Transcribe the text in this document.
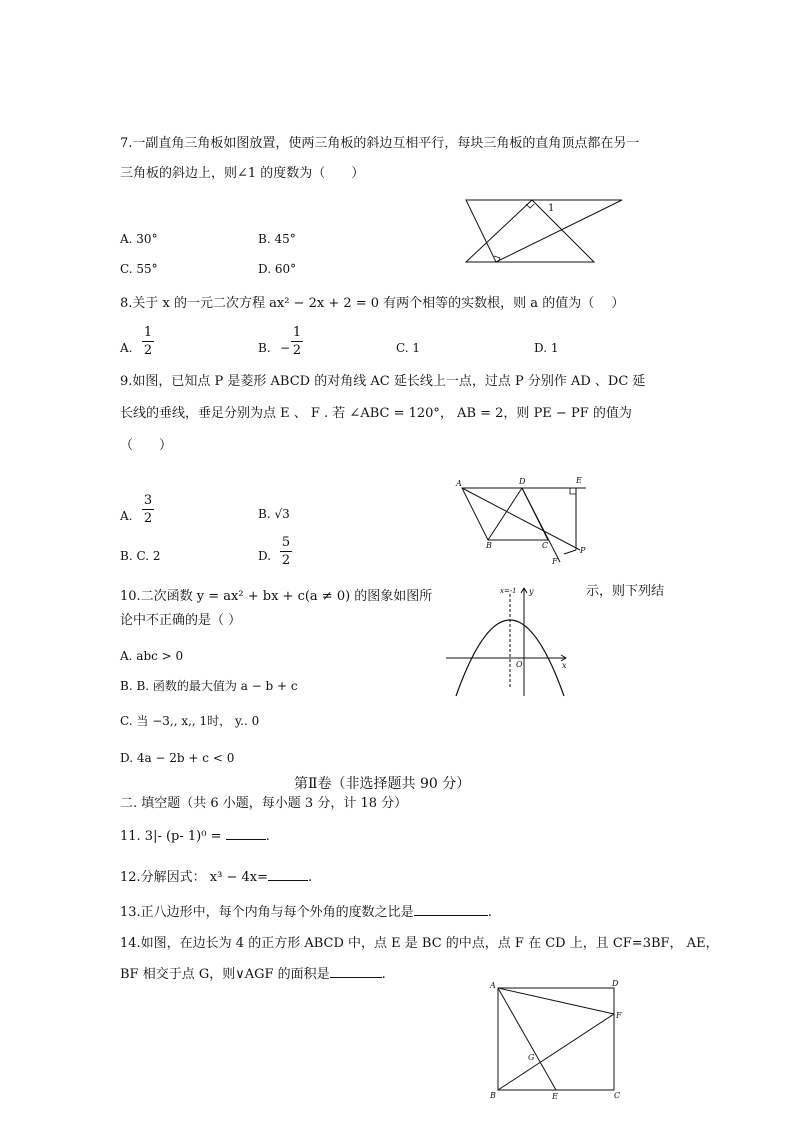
7.一副直角三角板如图放置，使两三角板的斜边互相平行，每块三角板的直角顶点都在另一
三角板的斜边上，则∠1 的度数为（　　）
1
A. 30°	B. 45°
C. 55°	D. 60°
8.关于 x 的一元二次方程 ax² − 2x + 2 = 0 有两个相等的实数根，则 a 的值为（　 ）
A.
1
2	B. −
1
2	C. 1	D. 1
9.如图，已知点 P 是菱形 ABCD 的对角线 AC 延长线上一点，过点 P 分别作 AD 、DC 延
长线的垂线，垂足分别为点 E 、 F . 若 ∠ABC = 120°， AB = 2，则 PE − PF 的值为
（　　）
A	D	E
B	C
F
P
A.
3
2	B. √3
B. C. 2	D.
5
2
10.二次函数 y = ax² + bx + c(a ≠ 0) 的图象如图所	示，则下列结
论中不正确的是（ ）
x=-1 y
O	x
A. abc > 0
B. B. 函数的最大值为 a − b + c
C. 当 −3,, x,, 1时， y.. 0
D. 4a − 2b + c < 0
第Ⅱ卷（非选择题共 90 分）
二. 填空题（共 6 小题，每小题 3 分，计 18 分）
11. 3|- (p- 1)⁰ =	.
12.分解因式： x³ − 4x=	.
13.正八边形中，每个内角与每个外角的度数之比是	.
14.如图，在边长为 4 的正方形 ABCD 中，点 E 是 BC 的中点，点 F 在 CD 上，且 CF=3BF， AE，
BF 相交于点 G，则∨AGF 的面积是	.
A	D
F
G
B	E	C
